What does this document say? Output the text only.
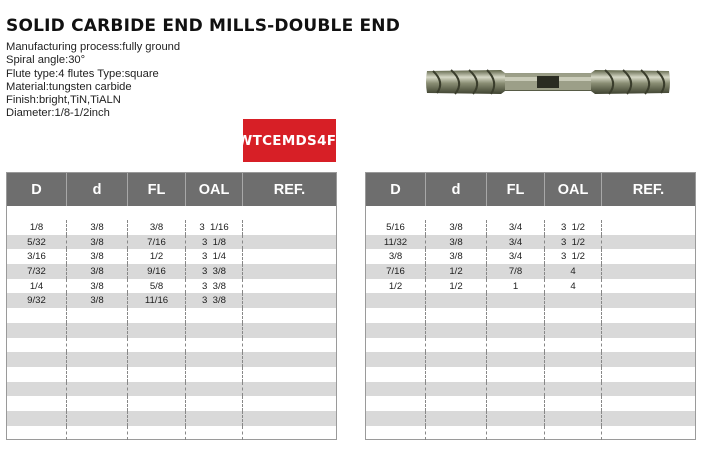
SOLID CARBIDE END MILLS-DOUBLE END
Manufacturing process:fully ground
Spiral angle:30°
Flute type:4 flutes Type:square
Material:tungsten carbide
Finish:bright,TiN,TiALN
Diameter:1/8-1/2inch
WTCEMDS4FI
D	d	FL	OAL	REF.
1/8	3/8	3/8	3  1/16
5/32	3/8	7/16	3  1/8
3/16	3/8	1/2	3  1/4
7/32	3/8	9/16	3  3/8
1/4	3/8	5/8	3  3/8
9/32	3/8	11/16	3  3/8
D	d	FL	OAL	REF.
5/16	3/8	3/4	3  1/2
11/32	3/8	3/4	3  1/2
3/8	3/8	3/4	3  1/2
7/16	1/2	7/8	4
1/2	1/2	1	4
